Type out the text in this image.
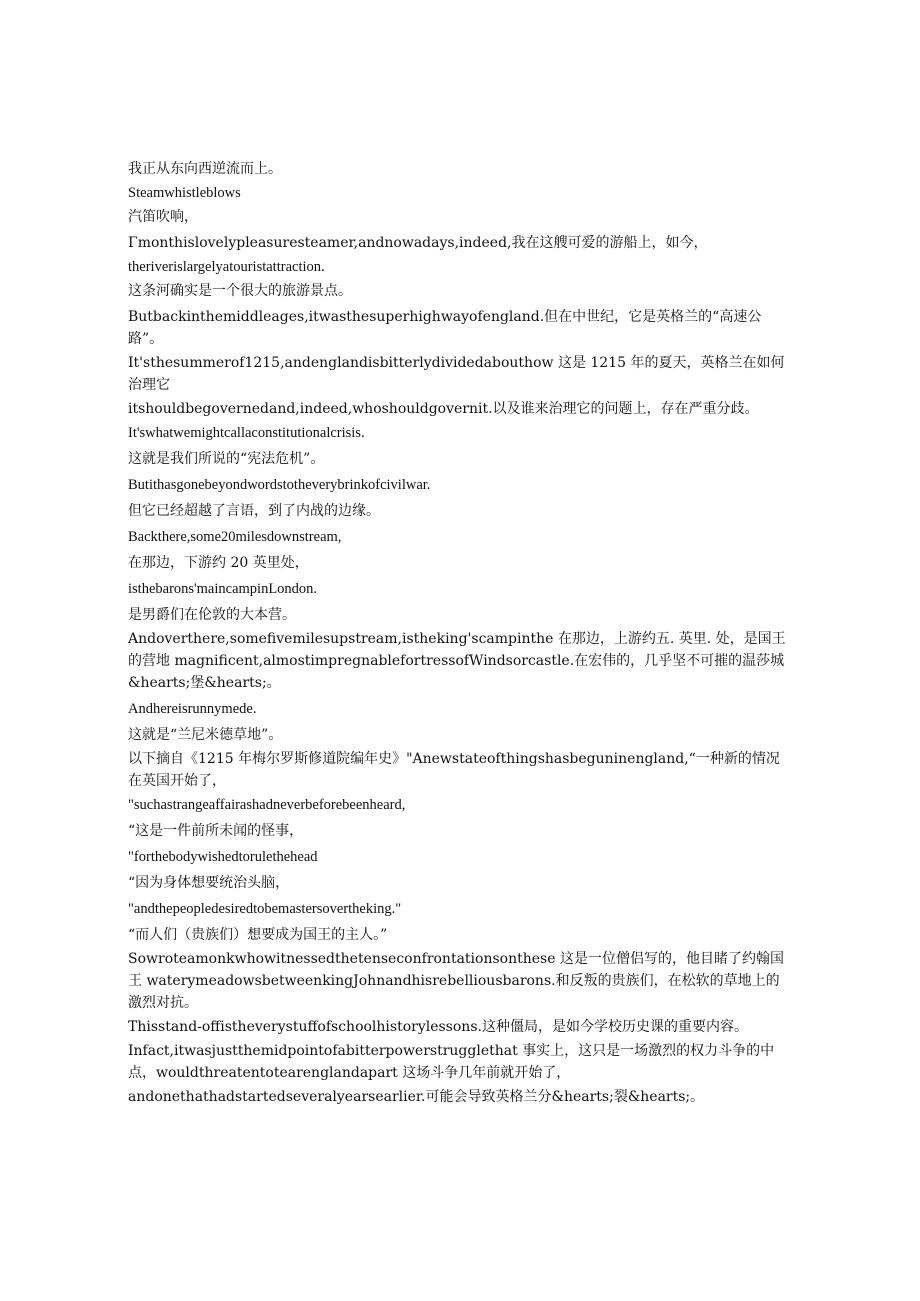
我正从东向西逆流而上。

Steamwhistleblows

汽笛吹响，

Γmonthislovelypleasuresteamer,andnowadays,indeed,我在这艘可爱的游船上，如今，

theriverislargelyatouristattraction.

这条河确实是一个很大的旅游景点。

Butbackinthemiddleages,itwasthesuperhighwayofengland.但在中世纪，它是英格兰的“高速公路”。

It'sthesummerof1215,andenglandisbitterlydividedabouthow 这是 1215 年的夏天，英格兰在如何治理它

itshouldbegovernedand,indeed,whoshouldgovernit.以及谁来治理它的问题上，存在严重分歧。

It'swhatwemightcallaconstitutionalcrisis.

这就是我们所说的“宪法危机”。

Butithasgonebeyondwordstotheverybrinkofcivilwar.

但它已经超越了言语，到了内战的边缘。

Backthere,some20milesdownstream,

在那边，下游约 20 英里处，

isthebarons'maincampinLondon.

是男爵们在伦敦的大本营。

Andoverthere,somefivemilesupstream,istheking'scampinthe 在那边，上游约五. 英里. 处，是国王的营地 magnificent,almostimpregnablefortressofWindsorcastle.在宏伟的，几乎坚不可摧的温莎城&hearts;堡&hearts;。

Andhereisrunnymede.

这就是“兰尼米德草地”。

以下摘自《1215 年梅尔罗斯修道院编年史》"Anewstateofthingshasbeguninengland,“一种新的情况在英国开始了，

"suchastrangeaffairashadneverbeforebeenheard,

“这是一件前所未闻的怪事，

"forthebodywishedtorulethehead

“因为身体想要统治头脑，

"andthepeopledesiredtobemastersovertheking."

“而人们（贵族们）想要成为国王的主人。”

Sowroteamonkwhowitnessedthetenseconfrontationsonthese 这是一位僧侣写的，他目睹了约翰国王 waterymeadowsbetweenkingJohnandhisrebelliousbarons.和反叛的贵族们，在松软的草地上的激烈对抗。

Thisstand-offistheverystuffofschoolhistorylessons.这种僵局，是如今学校历史课的重要内容。

Infact,itwasjustthemidpointofabitterpowerstrugglethat 事实上，这只是一场激烈的权力斗争的中点，wouldthreatentotearenglandapart 这场斗争几年前就开始了，

andonethathadstartedseveralyearsearlier.可能会导致英格兰分&hearts;裂&hearts;。
